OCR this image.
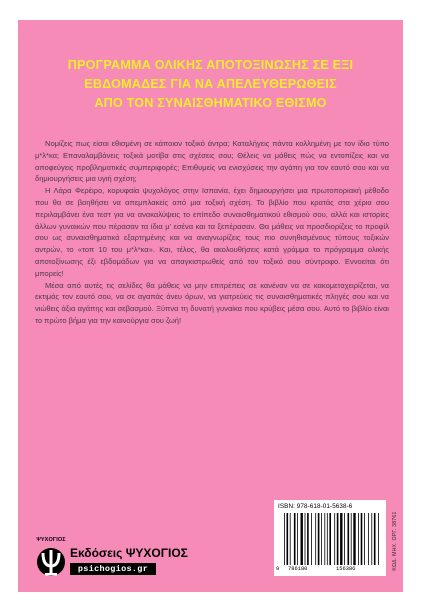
ΠΡΟΓΡΑΜΜΑ ΟΛΙΚΗΣ ΑΠΟΤΟΞΙΝΩΣΗΣ ΣΕ ΕΞΙ
ΕΒΔΟΜΑΔΕΣ ΓΙΑ ΝΑ ΑΠΕΛΕΥΘΕΡΩΘΕΙΣ
ΑΠΟ ΤΟΝ ΣΥΝΑΙΣΘΗΜΑΤΙΚΟ ΕΘΙΣΜΟ

Νομίζεις πως είσαι εθισμένη σε κάποιον τοξικό άντρα; Καταλήγεις πάντα κολλημένη με τον ίδιο τύπο μ*λ*κα; Επαναλαμβάνεις τοξικά μοτίβα στις σχέσεις σου; Θέλεις να μάθεις πώς να εντοπίζεις και να αποφεύγεις προβληματικές συμπεριφορές; Επιθυμείς να ενισχύσεις την αγάπη για τον εαυτό σου και να δημιουργήσεις μια υγιή σχέση;

Η Λάρα Φερέιρο, κορυφαία ψυχολόγος στην Ισπανία, έχει δημιουργήσει μια πρωτοποριακή μέθοδο που θα σε βοηθήσει να απεμπλακείς από μια τοξική σχέση. Το βιβλίο που κρατάς στα χέρια σου περιλαμβάνει ένα τεστ για να ανακαλύψεις το επίπεδο συναισθηματικού εθισμού σου, αλλά και ιστορίες άλλων γυναικών που πέρασαν τα ίδια μ' εσένα και τα ξεπέρασαν. Θα μάθεις να προσδιορίζεις το προφίλ σου ως συναισθηματικά εξαρτημένης και να αναγνωρίζεις τους πιο συνηθισμένους τύπους τοξικών αντρών, το «τοπ 10 του μ*λ*κα». Και, τέλος, θα ακολουθήσεις κατά γράμμα το πρόγραμμα ολικής αποτοξίνωσης έξι εβδομάδων για να απαγκιστρωθείς από τον τοξικό σου σύντροφο. Εννοείται ότι μπορείς!

Μέσα από αυτές τις σελίδες θα μάθεις να μην επιτρέπεις σε κανέναν να σε κακομεταχειρίζεται, να εκτιμάς τον εαυτό σου, να σε αγαπάς άνευ όρων, να γιατρεύεις τις συναισθηματικές πληγές σου και να νιώθεις άξια αγάπης και σεβασμού. Ξύπνα τη δυνατή γυναίκα που κρύβεις μέσα σου. Αυτό το βιβλίο είναι το πρώτο βήμα για την καινούργια σου ζωή!

ΨΥΧΟΓΙΟΣ
Εκδόσεις ΨΥΧΟΓΙΟΣ
psichogios.gr
ISBN: 978-618-01-5638-6
9 786180	156386	ΚΩΔ. ΜΗΧ. ΟΡΓ. 38761
